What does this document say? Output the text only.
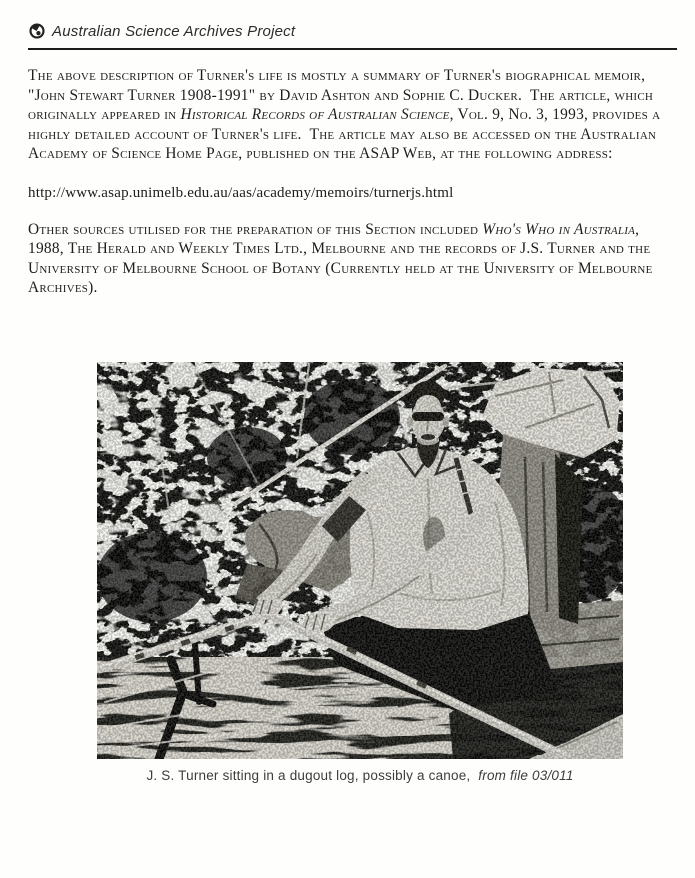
Australian Science Archives Project

The above description of Turner's life is mostly a summary of Turner's biographical memoir, "John Stewart Turner 1908-1991" by David Ashton and Sophie C. Ducker.  The article, which originally appeared in Historical Records of Australian Science, Vol. 9, No. 3, 1993, provides a highly detailed account of Turner's life.  The article may also be accessed on the Australian Academy of Science Home Page, published on the ASAP Web, at the following address:

http://www.asap.unimelb.edu.au/aas/academy/memoirs/turnerjs.html

Other sources utilised for the preparation of this Section included Who's Who in Australia,  1988, The Herald and Weekly Times Ltd., Melbourne and the records of J.S. Turner and the University of Melbourne School of Botany (Currently held at the University of Melbourne Archives).

J. S. Turner sitting in a dugout log, possibly a canoe,  from file 03/011
